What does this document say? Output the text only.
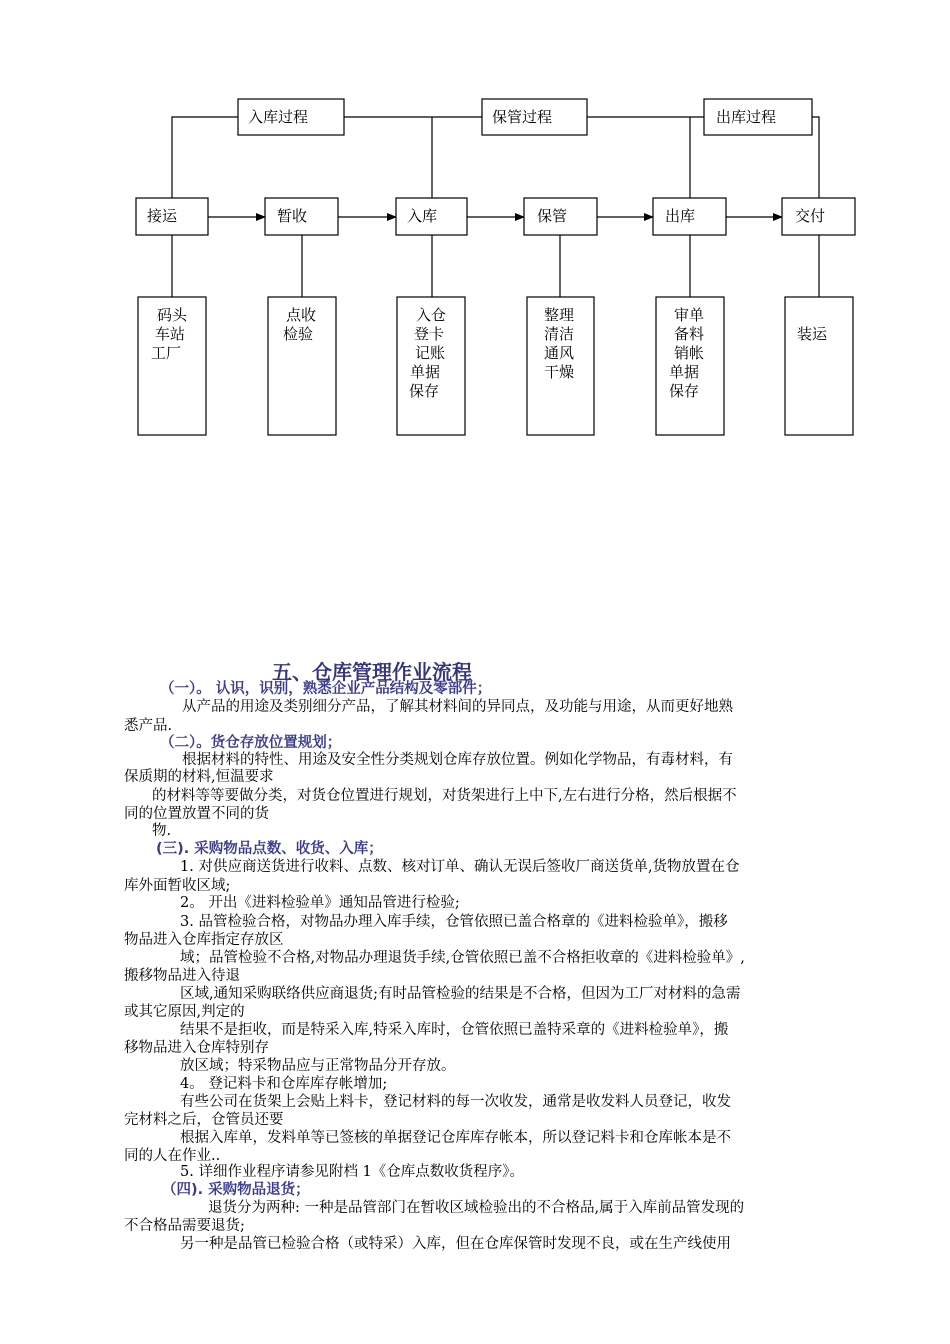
入库过程	保管过程	出库过程
接运	暂收	入库	保管	出库	交付
码头
车站
工厂
点收
检验
入仓
登卡
记账
单据
保存
整理
清洁
通风
干燥
审单
备料
销帐
单据
保存
装运
五、仓库管理作业流程
（一）。 认识，识别，熟悉企业产品结构及零部件；
从产品的用途及类别细分产品，了解其材料间的异同点，及功能与用途，从而更好地熟
悉产品.
（二）。货仓存放位置规划；
根据材料的特性、用途及安全性分类规划仓库存放位置。例如化学物品，有毒材料，有
保质期的材料,恒温要求
的材料等等要做分类，对货仓位置进行规划，对货架进行上中下,左右进行分格，然后根据不
同的位置放置不同的货
物.
(三). 采购物品点数、收货、入库；
1. 对供应商送货进行收料、点数、核对订单、确认无误后签收厂商送货单,货物放置在仓
库外面暂收区域;
2。 开出《进料检验单》通知品管进行检验;
3. 品管检验合格，对物品办理入库手续，仓管依照已盖合格章的《进料检验单》，搬移
物品进入仓库指定存放区
域；品管检验不合格,对物品办理退货手续,仓管依照已盖不合格拒收章的《进料检验单》,
搬移物品进入待退
区域,通知采购联络供应商退货;有时品管检验的结果是不合格，但因为工厂对材料的急需
或其它原因,判定的
结果不是拒收，而是特采入库,特采入库时，仓管依照已盖特采章的《进料检验单》，搬
移物品进入仓库特别存
放区域；特采物品应与正常物品分开存放。
4。 登记料卡和仓库库存帐增加;
有些公司在货架上会贴上料卡，登记材料的每一次收发，通常是收发料人员登记，收发
完材料之后，仓管员还要
根据入库单，发料单等已签核的单据登记仓库库存帐本，所以登记料卡和仓库帐本是不
同的人在作业..
5. 详细作业程序请参见附档 1《仓库点数收货程序》。
（四). 采购物品退货；
退货分为两种: 一种是品管部门在暂收区域检验出的不合格品,属于入库前品管发现的
不合格品需要退货;
另一种是品管已检验合格（或特采）入库，但在仓库保管时发现不良，或在生产线使用
